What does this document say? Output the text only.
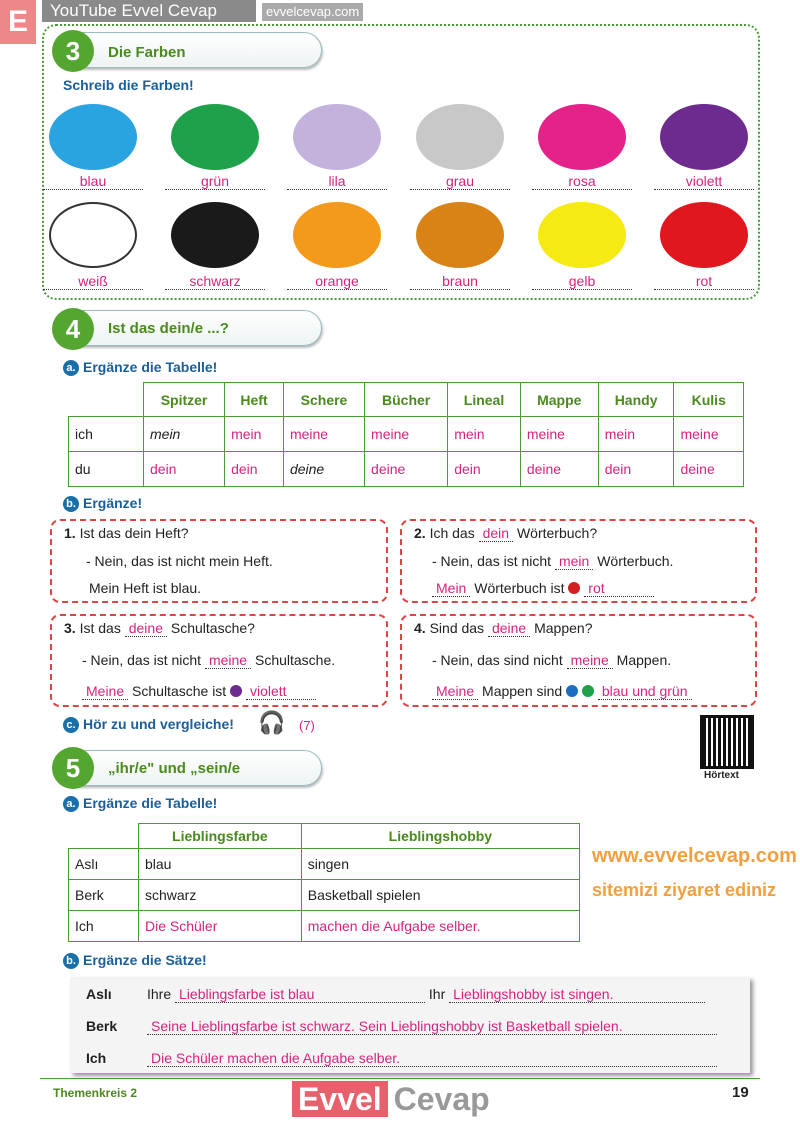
E	YouTube Evvel Cevap	evvelcevap.com
3	Die Farben
Schreib die Farben!
blau	grün	lila	grau	rosa	violett
weiß	schwarz	orange	braun	gelb	rot
4	Ist das dein/e ...?
a. Ergänze die Tabelle!
	Spitzer	Heft	Schere	Bücher	Lineal	Mappe	Handy	Kulis
ich	mein	mein	meine	meine	mein	meine	mein	meine
du	dein	dein	deine	deine	dein	deine	dein	deine
b. Ergänze!
1. Ist das dein Heft?
- Nein, das ist nicht mein Heft.
Mein Heft ist blau.
2. Ich das dein Wörterbuch?
- Nein, das ist nicht mein Wörterbuch.
Mein Wörterbuch ist rot
3. Ist das deine Schultasche?
- Nein, das ist nicht meine Schultasche.
Meine Schultasche ist violett
4. Sind das deine Mappen?
- Nein, das sind nicht meine Mappen.
Meine Mappen sind	blau und grün
c. Hör zu und vergleiche! 🎧 (7)
Hörtext
5	„ihr/e" und „sein/e
a. Ergänze die Tabelle!
	Lieblingsfarbe	Lieblingshobby
Aslı	blau	singen
Berk	schwarz	Basketball spielen
Ich	Die Schüler	machen die Aufgabe selber.
www.evvelcevap.com
sitemizi ziyaret ediniz
b. Ergänze die Sätze!
Aslı	Ihre Lieblingsfarbe ist blau	Ihr Lieblingshobby ist singen.
Berk Seine Lieblingsfarbe ist schwarz. Sein Lieblingshobby ist Basketball spielen.
Ich	Die Schüler machen die Aufgabe selber.
Themenkreis 2	19
Evvel Cevap
